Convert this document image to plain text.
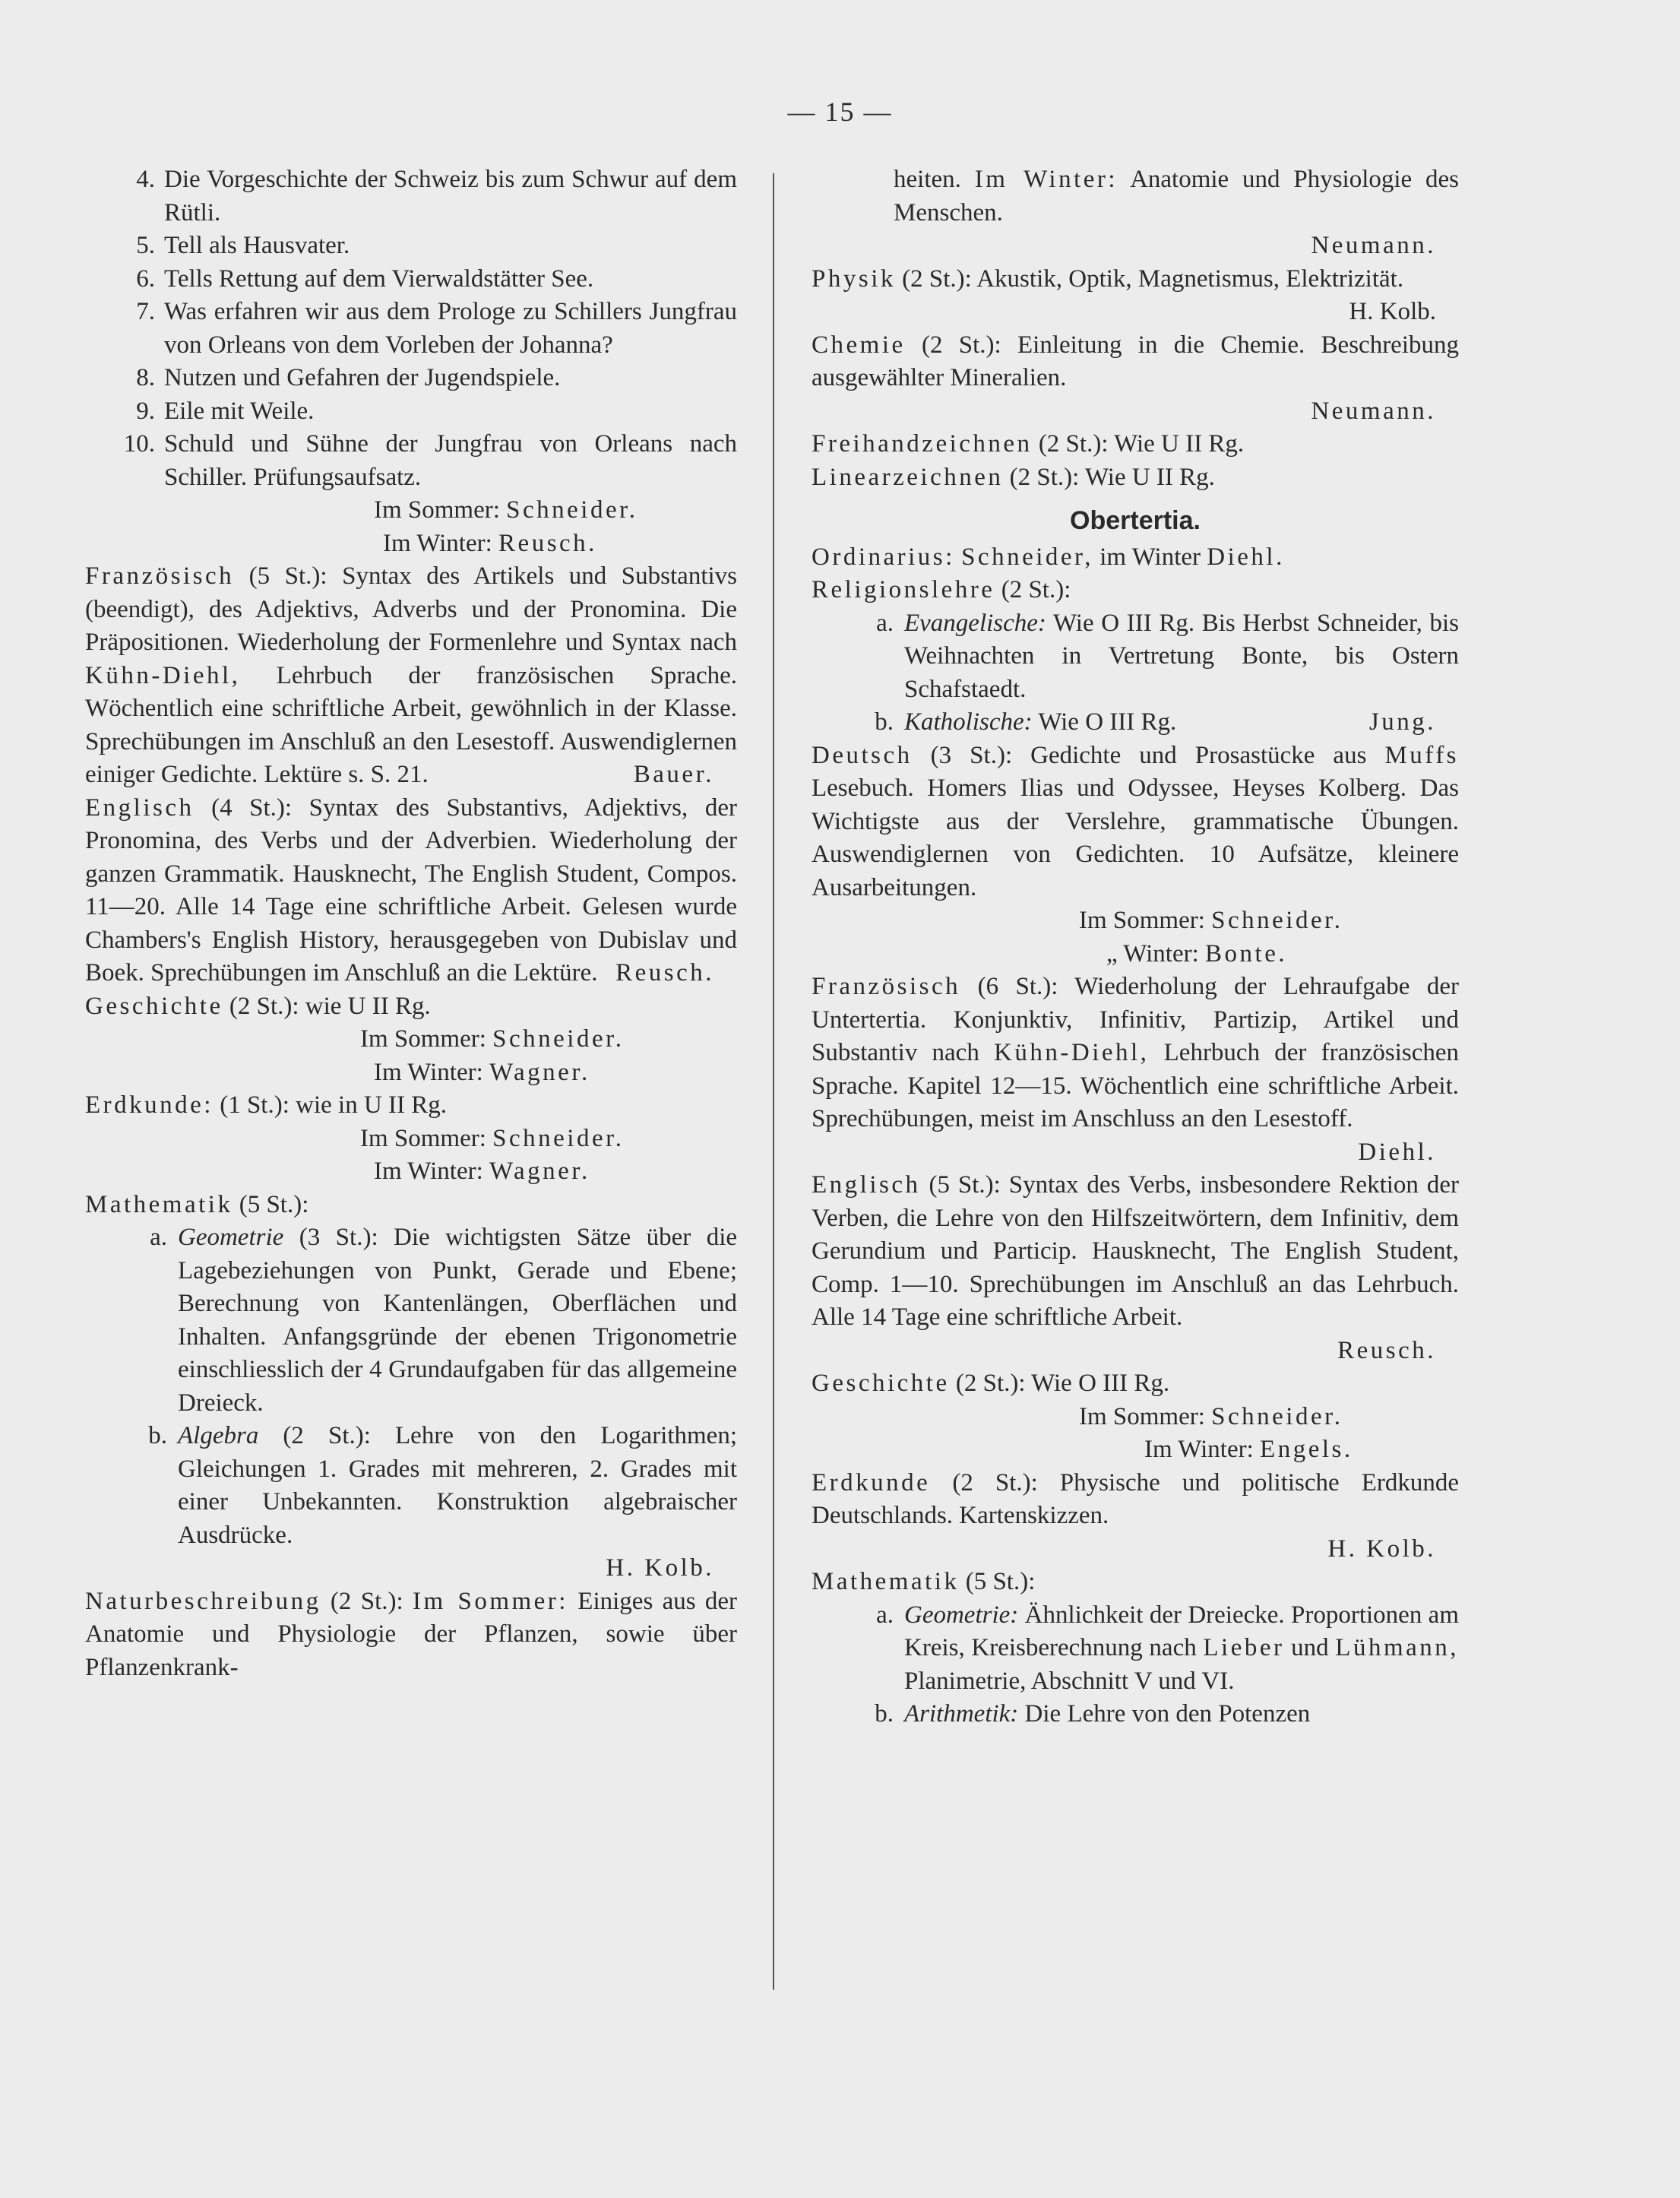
— 15 —
4. Die Vorgeschichte der Schweiz bis zum Schwur auf dem Rütli.
5. Tell als Hausvater.
6. Tells Rettung auf dem Vierwaldstätter See.
7. Was erfahren wir aus dem Prologe zu Schillers Jungfrau von Orleans von dem Vorleben der Johanna?
8. Nutzen und Gefahren der Jugendspiele.
9. Eile mit Weile.
10. Schuld und Sühne der Jungfrau von Orleans nach Schiller. Prüfungsaufsatz.
Im Sommer: Schneider.
Im Winter: Reusch.
Französisch (5 St.): Syntax des Artikels und Substantivs (beendigt), des Adjektivs, Adverbs und der Pronomina. Die Präpositionen. Wiederholung der Formenlehre und Syntax nach Kühn-Diehl, Lehrbuch der französischen Sprache. Wöchentlich eine schriftliche Arbeit, gewöhnlich in der Klasse. Sprechübungen im Anschluß an den Lesestoff. Auswendiglernen einiger Gedichte. Lektüre s. S. 21.	Bauer.
Englisch (4 St.): Syntax des Substantivs, Adjektivs, der Pronomina, des Verbs und der Adverbien. Wiederholung der ganzen Grammatik. Hausknecht, The English Student, Compos. 11—20. Alle 14 Tage eine schriftliche Arbeit. Gelesen wurde Chambers's English History, herausgegeben von Dubislav und Boek. Sprechübungen im Anschluß an die Lektüre. Reusch.
Geschichte (2 St.): wie U II Rg.
Im Sommer: Schneider.
Im Winter: Wagner.
Erdkunde: (1 St.): wie in U II Rg.
Im Sommer: Schneider.
Im Winter: Wagner.
Mathematik (5 St.):
a. Geometrie (3 St.): Die wichtigsten Sätze über die Lagebeziehungen von Punkt, Gerade und Ebene; Berechnung von Kantenlängen, Oberflächen und Inhalten. Anfangsgründe der ebenen Trigonometrie einschliesslich der 4 Grundaufgaben für das allgemeine Dreieck.
b. Algebra (2 St.): Lehre von den Logarithmen; Gleichungen 1. Grades mit mehreren, 2. Grades mit einer Unbekannten. Konstruktion algebraischer Ausdrücke.
H. Kolb.
Naturbeschreibung (2 St.): Im Sommer: Einiges aus der Anatomie und Physiologie der Pflanzen, sowie über Pflanzenkrank-
heiten. Im Winter: Anatomie und Physiologie des Menschen.
Neumann.
Physik (2 St.): Akustik, Optik, Magnetismus, Elektrizität.
H. Kolb.
Chemie (2 St.): Einleitung in die Chemie. Beschreibung ausgewählter Mineralien.
Neumann.
Freihandzeichnen (2 St.): Wie U II Rg.
Linearzeichnen (2 St.): Wie U II Rg.
Obertertia.
Ordinarius: Schneider, im Winter Diehl.
Religionslehre (2 St.):
a. Evangelische: Wie O III Rg. Bis Herbst Schneider, bis Weihnachten in Vertretung Bonte, bis Ostern Schafstaedt.
b. Katholische: Wie O III Rg.	Jung.
Deutsch (3 St.): Gedichte und Prosastücke aus Muffs Lesebuch. Homers Ilias und Odyssee, Heyses Kolberg. Das Wichtigste aus der Verslehre, grammatische Übungen. Auswendiglernen von Gedichten. 10 Aufsätze, kleinere Ausarbeitungen.
Im Sommer: Schneider.
„ Winter: Bonte.
Französisch (6 St.): Wiederholung der Lehraufgabe der Untertertia. Konjunktiv, Infinitiv, Partizip, Artikel und Substantiv nach Kühn-Diehl, Lehrbuch der französischen Sprache. Kapitel 12—15. Wöchentlich eine schriftliche Arbeit. Sprechübungen, meist im Anschluss an den Lesestoff.
Diehl.
Englisch (5 St.): Syntax des Verbs, insbesondere Rektion der Verben, die Lehre von den Hilfszeitwörtern, dem Infinitiv, dem Gerundium und Particip. Hausknecht, The English Student, Comp. 1—10. Sprechübungen im Anschluß an das Lehrbuch. Alle 14 Tage eine schriftliche Arbeit.
Reusch.
Geschichte (2 St.): Wie O III Rg.
Im Sommer: Schneider.
Im Winter: Engels.
Erdkunde (2 St.): Physische und politische Erdkunde Deutschlands. Kartenskizzen.
H. Kolb.
Mathematik (5 St.):
a. Geometrie: Ähnlichkeit der Dreiecke. Proportionen am Kreis, Kreisberechnung nach Lieber und Lühmann, Planimetrie, Abschnitt V und VI.
b. Arithmetik: Die Lehre von den Potenzen
